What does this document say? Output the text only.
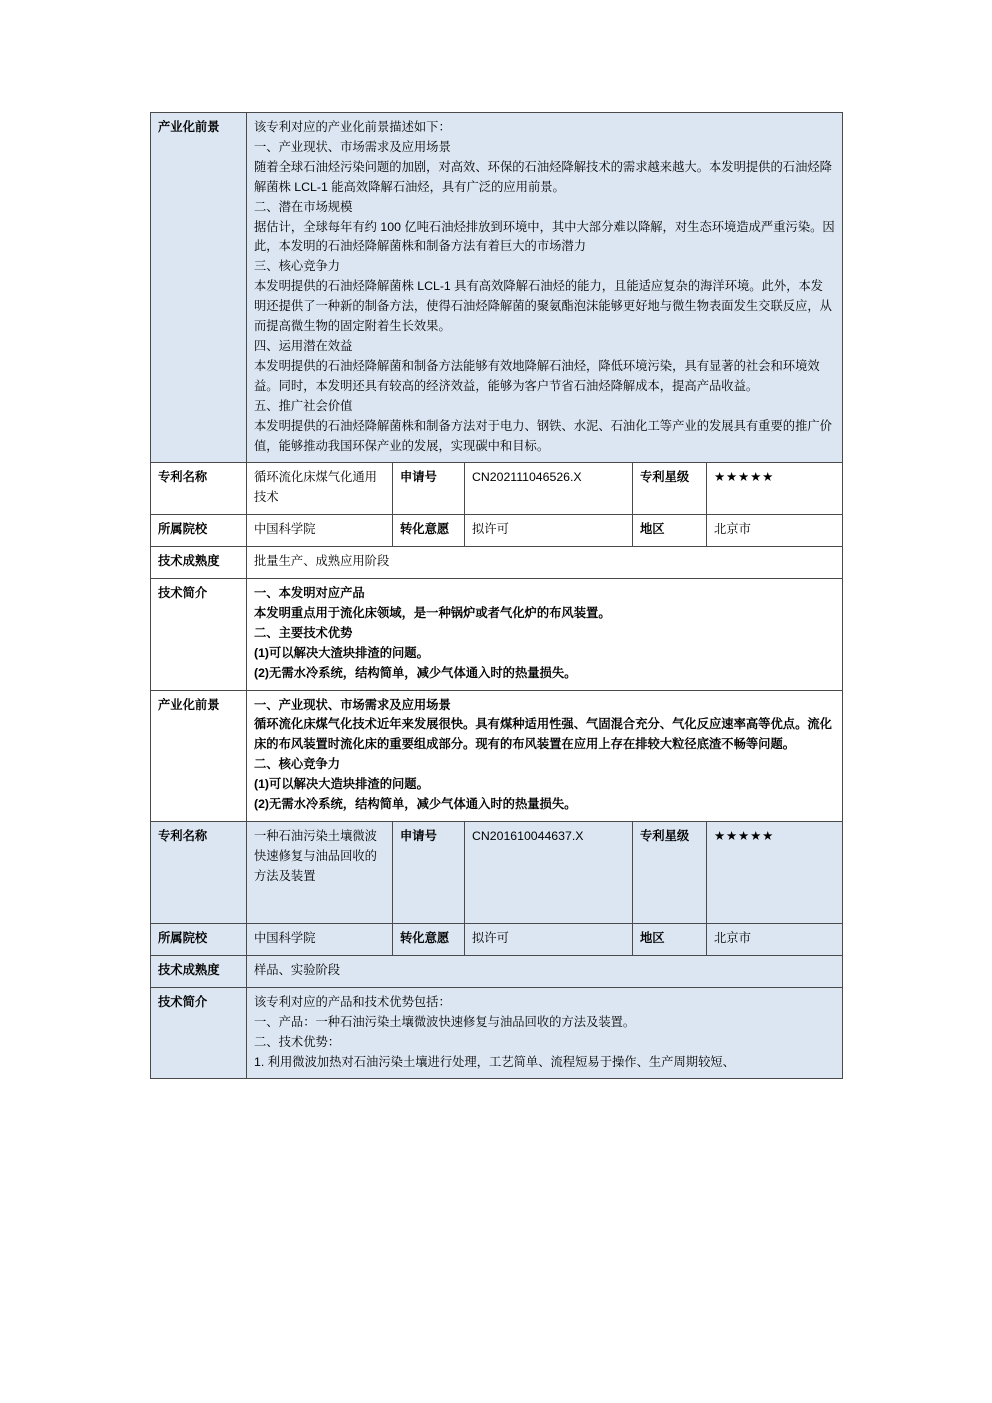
产业化前景	该专利对应的产业化前景描述如下：

一、产业现状、市场需求及应用场景

随着全球石油烃污染问题的加剧，对高效、环保的石油烃降解技术的需求越来越大。本发明提供的石油烃降解菌株 LCL-1 能高效降解石油烃，具有广泛的应用前景。

二、潜在市场规模

据估计，全球每年有约 100 亿吨石油烃排放到环境中，其中大部分难以降解，对生态环境造成严重污染。因此，本发明的石油烃降解菌株和制备方法有着巨大的市场潜力

三、核心竞争力

本发明提供的石油烃降解菌株 LCL-1 具有高效降解石油烃的能力，且能适应复杂的海洋环境。此外，本发明还提供了一种新的制备方法，使得石油烃降解菌的聚氨酯泡沫能够更好地与微生物表面发生交联反应，从而提高微生物的固定附着生长效果。

四、运用潜在效益

本发明提供的石油烃降解菌和制备方法能够有效地降解石油烃，降低环境污染，具有显著的社会和环境效益。同时，本发明还具有较高的经济效益，能够为客户节省石油烃降解成本，提高产品收益。

五、推广社会价值

本发明提供的石油烃降解菌株和制备方法对于电力、钢铁、水泥、石油化工等产业的发展具有重要的推广价值，能够推动我国环保产业的发展，实现碳中和目标。

专利名称	循环流化床煤气化通用技术	申请号	CN202111046526.X	专利星级	★★★★★
所属院校	中国科学院	转化意愿	拟许可	地区	北京市
技术成熟度	批量生产、成熟应用阶段				
技术简介	一、本发明对应产品

本发明重点用于流化床领域，是一种锅炉或者气化炉的布风装置。

二、主要技术优势

(1)可以解决大渣块排渣的问题。

(2)无需水冷系统，结构简单，减少气体通入时的热量损失。				

产业化前景	一、产业现状、市场需求及应用场景

循环流化床煤气化技术近年来发展很快。具有煤种适用性强、气固混合充分、气化反应速率高等优点。流化床的布风装置时流化床的重要组成部分。现有的布风装置在应用上存在排较大粒径底渣不畅等问题。

二、核心竞争力

(1)可以解决大造块排渣的问题。

(2)无需水冷系统，结构简单，减少气体通入时的热量损失。				

专利名称	一种石油污染土壤微波快速修复与油品回收的方法及装置	申请号	CN201610044637.X	专利星级	★★★★★
所属院校	中国科学院	转化意愿	拟许可	地区	北京市
技术成熟度	样品、实验阶段				
技术简介	该专利对应的产品和技术优势包括：

一、产品：一种石油污染土壤微波快速修复与油品回收的方法及装置。

二、技术优势：

1. 利用微波加热对石油污染土壤进行处理，工艺简单、流程短易于操作、生产周期较短、				
